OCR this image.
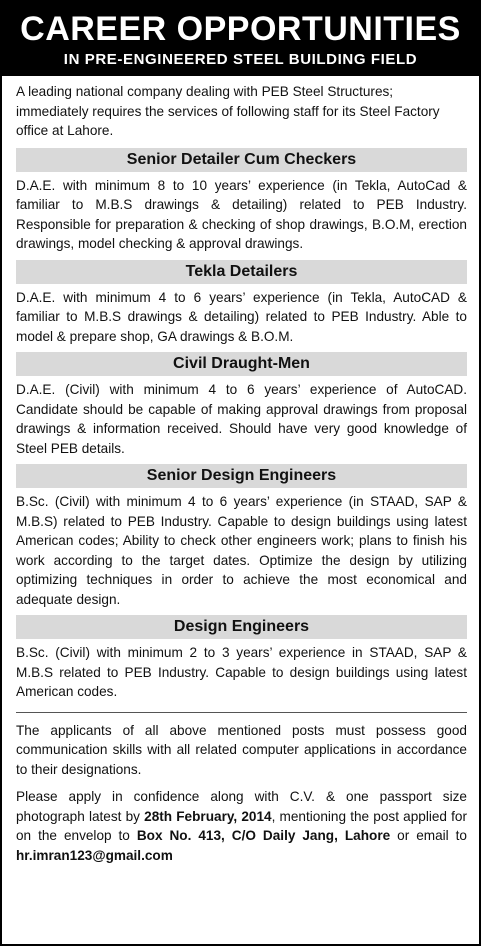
CAREER OPPORTUNITIES
IN PRE-ENGINEERED STEEL BUILDING FIELD

A leading national company dealing with PEB Steel Structures; immediately requires the services of following staff for its Steel Factory office at Lahore.

Senior Detailer Cum Checkers

D.A.E. with minimum 8 to 10 years’ experience (in Tekla, AutoCad & familiar to M.B.S drawings & detailing) related to PEB Industry. Responsible for preparation & checking of shop drawings, B.O.M, erection drawings, model checking & approval drawings.

Tekla Detailers

D.A.E. with minimum 4 to 6 years’ experience (in Tekla, AutoCAD & familiar to M.B.S drawings & detailing) related to PEB Industry. Able to model & prepare shop, GA drawings & B.O.M.

Civil Draught-Men

D.A.E. (Civil) with minimum 4 to 6 years’ experience of AutoCAD. Candidate should be capable of making approval drawings from proposal drawings & information received. Should have very good knowledge of Steel PEB details.

Senior Design Engineers

B.Sc. (Civil) with minimum 4 to 6 years’ experience (in STAAD, SAP & M.B.S) related to PEB Industry. Capable to design buildings using latest American codes; Ability to check other engineers work; plans to finish his work according to the target dates. Optimize the design by utilizing optimizing techniques in order to achieve the most economical and adequate design.

Design Engineers

B.Sc. (Civil) with minimum 2 to 3 years’ experience in STAAD, SAP & M.B.S related to PEB Industry. Capable to design buildings using latest American codes.

The applicants of all above mentioned posts must possess good communication skills with all related computer applications in accordance to their designations.

Please apply in confidence along with C.V. & one passport size photograph latest by 28th February, 2014, mentioning the post applied for on the envelop to Box No. 413, C/O Daily Jang, Lahore or email to hr.imran123@gmail.com
